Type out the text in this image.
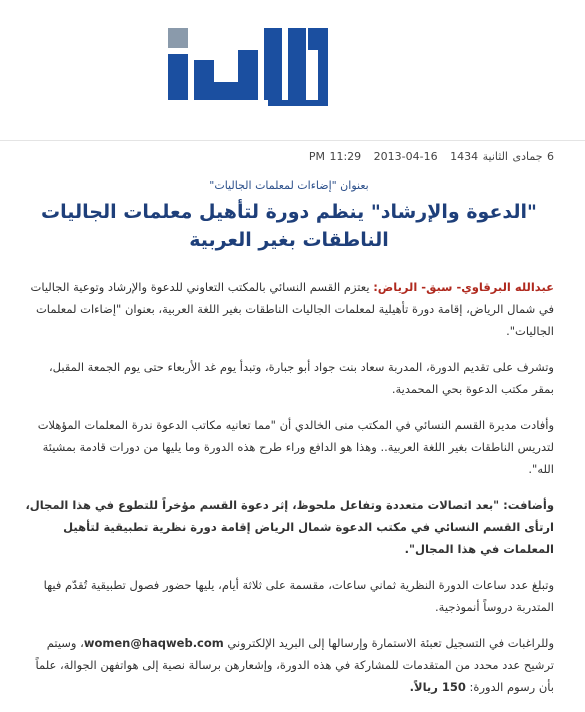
6 جمادى الثانية 1434 16-04-2013 11:29 PM
بعنوان "إضاءات لمعلمات الجاليات"
"الدعوة والإرشاد" ينظم دورة لتأهيل معلمات الجاليات الناطقات بغير العربية

عبدالله البرقاوي- سبق- الرياض: يعتزم القسم النسائي بالمكتب التعاوني للدعوة والإرشاد وتوعية الجاليات في شمال الرياض، إقامة دورة تأهيلية لمعلمات الجاليات الناطقات بغير اللغة العربية، بعنوان "إضاءات لمعلمات الجاليات".

وتشرف على تقديم الدورة، المدربة سعاد بنت جواد أبو جبارة، وتبدأ يوم غد الأربعاء حتى يوم الجمعة المقبل، بمقر مكتب الدعوة بحي المحمدية.

وأفادت مديرة القسم النسائي في المكتب منى الخالدي أن "مما تعانيه مكاتب الدعوة ندرة المعلمات المؤهلات لتدريس الناطقات بغير اللغة العربية.. وهذا هو الدافع وراء طرح هذه الدورة وما يليها من دورات قادمة بمشيئة الله".

وأضافت: "بعد اتصالات متعددة وتفاعل ملحوظ، إثر دعوة القسم مؤخراً للتطوع في هذا المجال، ارتأى القسم النسائي في مكتب الدعوة شمال الرياض إقامة دورة نظرية تطبيقية لتأهيل المعلمات في هذا المجال".

وتبلغ عدد ساعات الدورة النظرية ثماني ساعات، مقسمة على ثلاثة أيام، يليها حضور فصول تطبيقية تُقدّم فيها المتدربة دروساً أنموذجية.

وللراغبات في التسجيل تعبئة الاستمارة وإرسالها إلى البريد الإلكتروني women@haqweb.com، وسيتم ترشيح عدد محدد من المتقدمات للمشاركة في هذه الدورة، وإشعارهن برسالة نصية إلى هواتفهن الجوالة، علماً بأن رسوم الدورة: 150 ريالاً.
